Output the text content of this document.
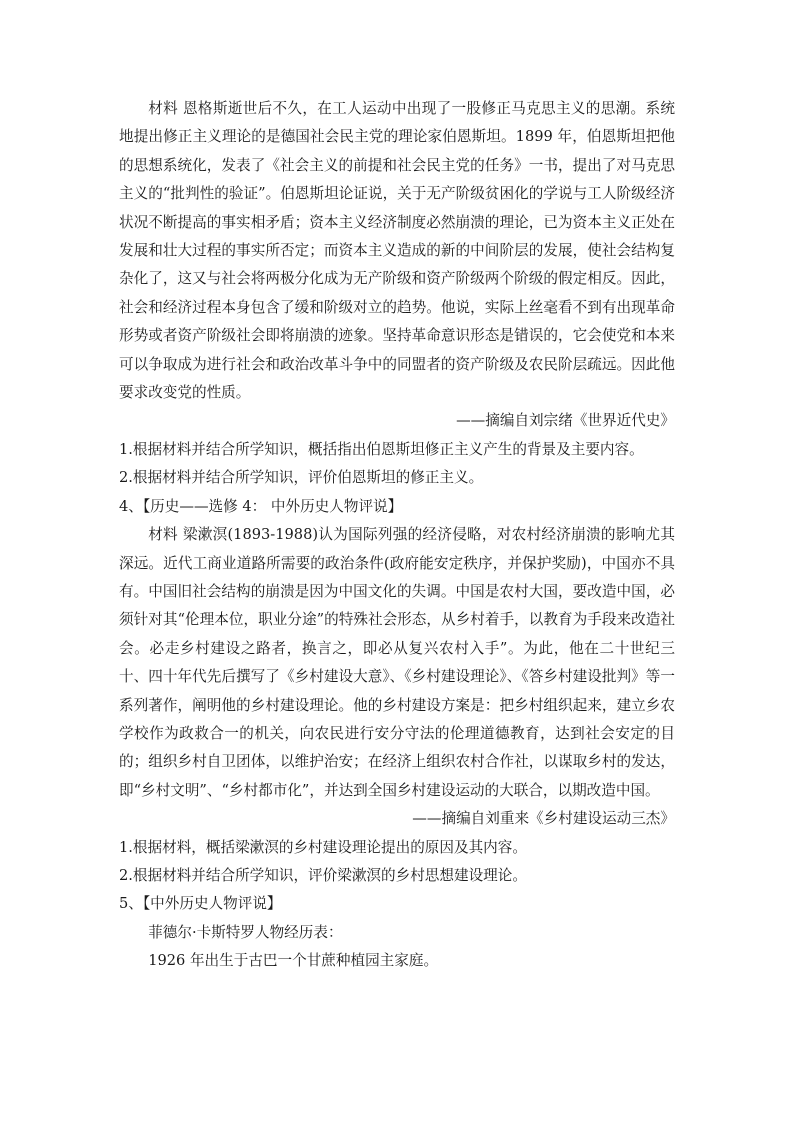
材料 恩格斯逝世后不久，在工人运动中出现了一股修正马克思主义的思潮。系统地提出修正主义理论的是德国社会民主党的理论家伯恩斯坦。1899 年，伯恩斯坦把他的思想系统化，发表了《社会主义的前提和社会民主党的任务》一书，提出了对马克思主义的“批判性的验证”。伯恩斯坦论证说，关于无产阶级贫困化的学说与工人阶级经济状况不断提高的事实相矛盾；资本主义经济制度必然崩溃的理论，已为资本主义正处在发展和壮大过程的事实所否定；而资本主义造成的新的中间阶层的发展，使社会结构复杂化了，这又与社会将两极分化成为无产阶级和资产阶级两个阶级的假定相反。因此，社会和经济过程本身包含了缓和阶级对立的趋势。他说，实际上丝毫看不到有出现革命形势或者资产阶级社会即将崩溃的迹象。坚持革命意识形态是错误的，它会使党和本来可以争取成为进行社会和政治改革斗争中的同盟者的资产阶级及农民阶层疏远。因此他要求改变党的性质。

——摘编自刘宗绪《世界近代史》

1.根据材料并结合所学知识，概括指出伯恩斯坦修正主义产生的背景及主要内容。

2.根据材料并结合所学知识，评价伯恩斯坦的修正主义。

4、【历史——选修 4： 中外历史人物评说】

材料 梁漱溟(1893-1988)认为国际列强的经济侵略，对农村经济崩溃的影响尤其深远。近代工商业道路所需要的政治条件(政府能安定秩序，并保护奖励)，中国亦不具有。中国旧社会结构的崩溃是因为中国文化的失调。中国是农村大国，要改造中国，必须针对其“伦理本位，职业分途”的特殊社会形态，从乡村着手，以教育为手段来改造社会。必走乡村建设之路者，换言之，即必从复兴农村入手”。为此，他在二十世纪三十、四十年代先后撰写了《乡村建设大意》、《乡村建设理论》、《答乡村建设批判》等一系列著作，阐明他的乡村建设理论。他的乡村建设方案是：把乡村组织起来，建立乡农学校作为政救合一的机关，向农民进行安分守法的伦理道德教育，达到社会安定的目的；组织乡村自卫团体，以维护治安；在经济上组织农村合作社，以谋取乡村的发达，即“乡村文明”、“乡村都市化”，并达到全国乡村建设运动的大联合，以期改造中国。

——摘编自刘重来《乡村建设运动三杰》

1.根据材料，概括梁漱溟的乡村建设理论提出的原因及其内容。

2.根据材料并结合所学知识，评价梁漱溟的乡村思想建设理论。

5、【中外历史人物评说】

菲德尔·卡斯特罗人物经历表：

1926 年出生于古巴一个甘蔗种植园主家庭。
